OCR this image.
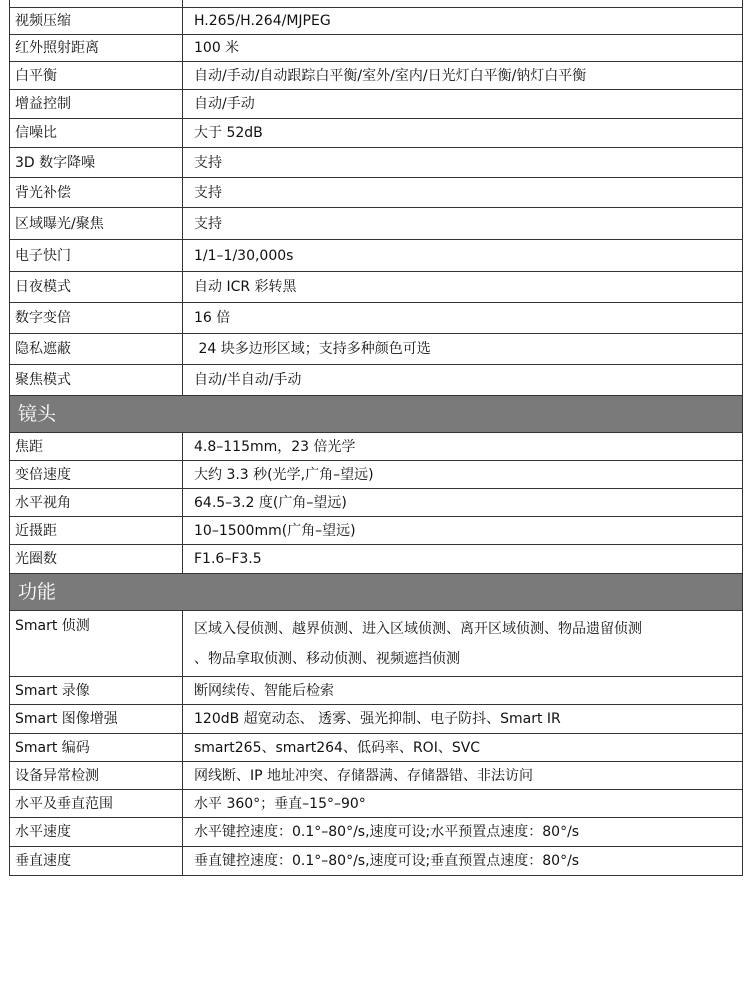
视频压缩	H.265/H.264/MJPEG
红外照射距离	100 米
白平衡	自动/手动/自动跟踪白平衡/室外/室内/日光灯白平衡/钠灯白平衡
增益控制	自动/手动
信噪比	大于 52dB
3D 数字降噪	支持
背光补偿	支持
区域曝光/聚焦	支持
电子快门	1/1–1/30,000s
日夜模式	自动 ICR 彩转黑
数字变倍	16 倍
隐私遮蔽	24 块多边形区域；支持多种颜色可选
聚焦模式	自动/半自动/手动
镜头	
焦距	4.8–115mm，23 倍光学
变倍速度	大约 3.3 秒(光学,广角–望远)
水平视角	64.5–3.2 度(广角–望远)
近摄距	10–1500mm(广角–望远)
光圈数	F1.6–F3.5
功能	
Smart 侦测	区域入侵侦测、越界侦测、进入区域侦测、离开区域侦测、物品遗留侦测
、物品拿取侦测、移动侦测、视频遮挡侦测

Smart 录像	断网续传、智能后检索
Smart 图像增强	120dB 超宽动态、 透雾、强光抑制、电子防抖、Smart IR
Smart 编码	smart265、smart264、低码率、ROI、SVC
设备异常检测	网线断、IP 地址冲突、存储器满、存储器错、非法访问
水平及垂直范围	水平 360°；垂直–15°–90°
水平速度	水平键控速度：0.1°–80°/s,速度可设;水平预置点速度：80°/s
垂直速度	垂直键控速度：0.1°–80°/s,速度可设;垂直预置点速度：80°/s
